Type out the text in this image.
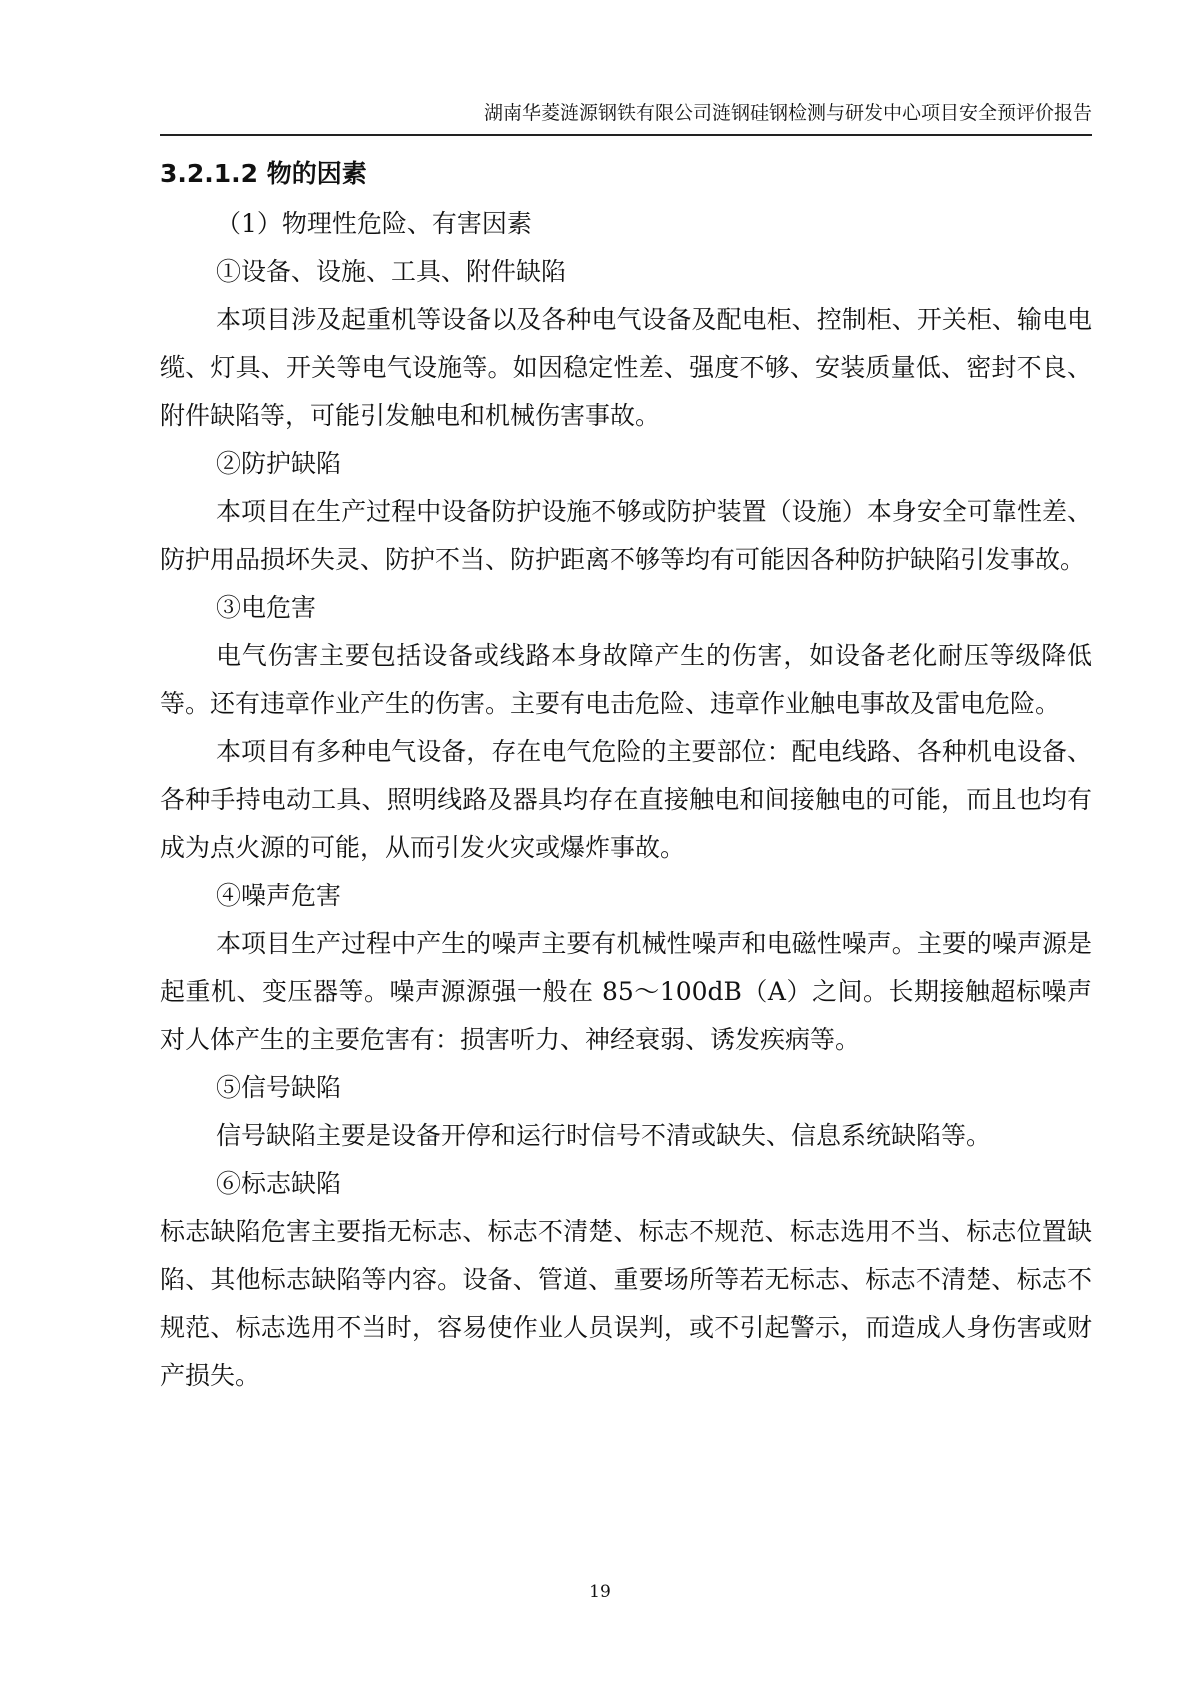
湖南华菱涟源钢铁有限公司涟钢硅钢检测与研发中心项目安全预评价报告
3.2.1.2 物的因素

（1）物理性危险、有害因素

①设备、设施、工具、附件缺陷

本项目涉及起重机等设备以及各种电气设备及配电柜、控制柜、开关柜、输电电缆、灯具、开关等电气设施等。如因稳定性差、强度不够、安装质量低、密封不良、附件缺陷等，可能引发触电和机械伤害事故。

②防护缺陷

本项目在生产过程中设备防护设施不够或防护装置（设施）本身安全可靠性差、防护用品损坏失灵、防护不当、防护距离不够等均有可能因各种防护缺陷引发事故。

③电危害

电气伤害主要包括设备或线路本身故障产生的伤害，如设备老化耐压等级降低等。还有违章作业产生的伤害。主要有电击危险、违章作业触电事故及雷电危险。

本项目有多种电气设备，存在电气危险的主要部位：配电线路、各种机电设备、各种手持电动工具、照明线路及器具均存在直接触电和间接触电的可能，而且也均有成为点火源的可能，从而引发火灾或爆炸事故。

④噪声危害

本项目生产过程中产生的噪声主要有机械性噪声和电磁性噪声。主要的噪声源是起重机、变压器等。噪声源源强一般在 85～100dB（A）之间。长期接触超标噪声对人体产生的主要危害有：损害听力、神经衰弱、诱发疾病等。

⑤信号缺陷

信号缺陷主要是设备开停和运行时信号不清或缺失、信息系统缺陷等。

⑥标志缺陷

标志缺陷危害主要指无标志、标志不清楚、标志不规范、标志选用不当、标志位置缺陷、其他标志缺陷等内容。设备、管道、重要场所等若无标志、标志不清楚、标志不规范、标志选用不当时，容易使作业人员误判，或不引起警示，而造成人身伤害或财产损失。

19
